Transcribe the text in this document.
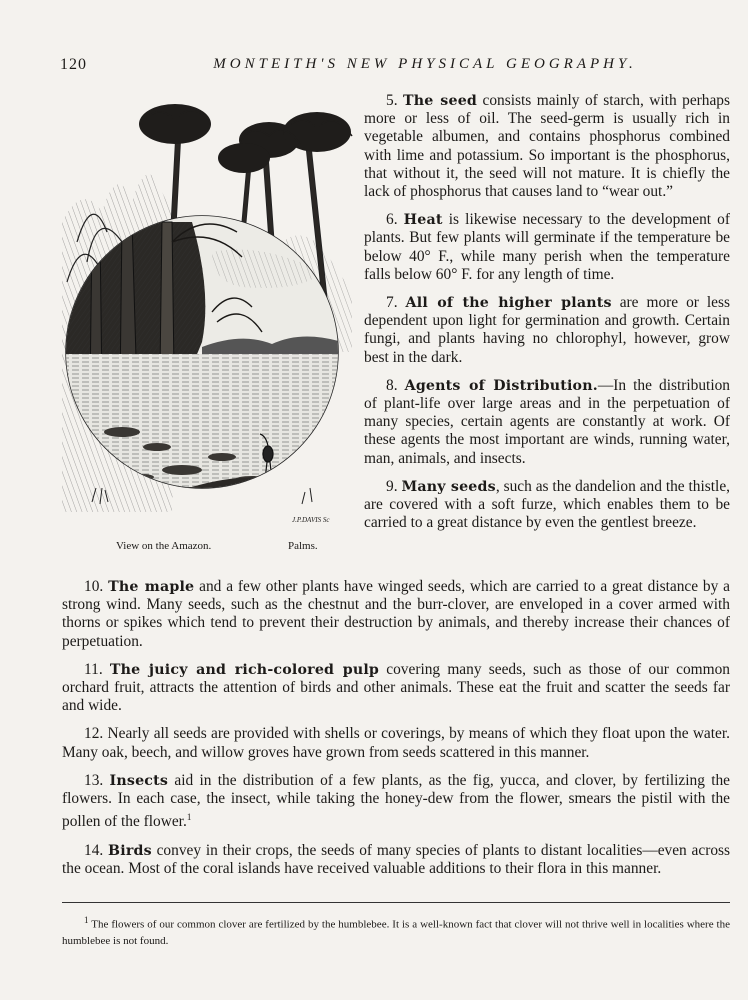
120	MONTEITH'S NEW PHYSICAL GEOGRAPHY.
J.P.DAVIS Sc
View on the Amazon.	Palms.

5. The seed consists mainly of starch, with perhaps more or less of oil. The seed-germ is usually rich in vegetable albumen, and contains phosphorus combined with lime and potassium. So important is the phosphorus, that without it, the seed will not mature. It is chiefly the lack of phosphorus that causes land to “wear out.”

6. Heat is likewise necessary to the development of plants. But few plants will germinate if the temperature be below 40° F., while many perish when the temperature falls below 60° F. for any length of time.

7. All of the higher plants are more or less dependent upon light for germination and growth. Certain fungi, and plants having no chlorophyl, however, grow best in the dark.

8. Agents of Distribution.—In the distribution of plant-life over large areas and in the perpetuation of many species, certain agents are constantly at work. Of these agents the most important are winds, running water, man, animals, and insects.

9. Many seeds, such as the dandelion and the thistle, are covered with a soft furze, which enables them to be carried to a great distance by even the gentlest breeze.

10. The maple and a few other plants have winged seeds, which are carried to a great distance by a strong wind. Many seeds, such as the chestnut and the burr-clover, are enveloped in a cover armed with thorns or spikes which tend to prevent their destruction by animals, and thereby increase their chances of perpetuation.

11. The juicy and rich-colored pulp covering many seeds, such as those of our common orchard fruit, attracts the attention of birds and other animals. These eat the fruit and scatter the seeds far and wide.

12. Nearly all seeds are provided with shells or coverings, by means of which they float upon the water. Many oak, beech, and willow groves have grown from seeds scattered in this manner.

13. Insects aid in the distribution of a few plants, as the fig, yucca, and clover, by fertilizing the flowers. In each case, the insect, while taking the honey-dew from the flower, smears the pistil with the pollen of the flower.$^1$

14. Birds convey in their crops, the seeds of many species of plants to distant localities—even across the ocean. Most of the coral islands have received valuable additions to their flora in this manner.

$^1$ The flowers of our common clover are fertilized by the humblebee. It is a well-known fact that clover will not thrive well in localities where the humblebee is not found.
